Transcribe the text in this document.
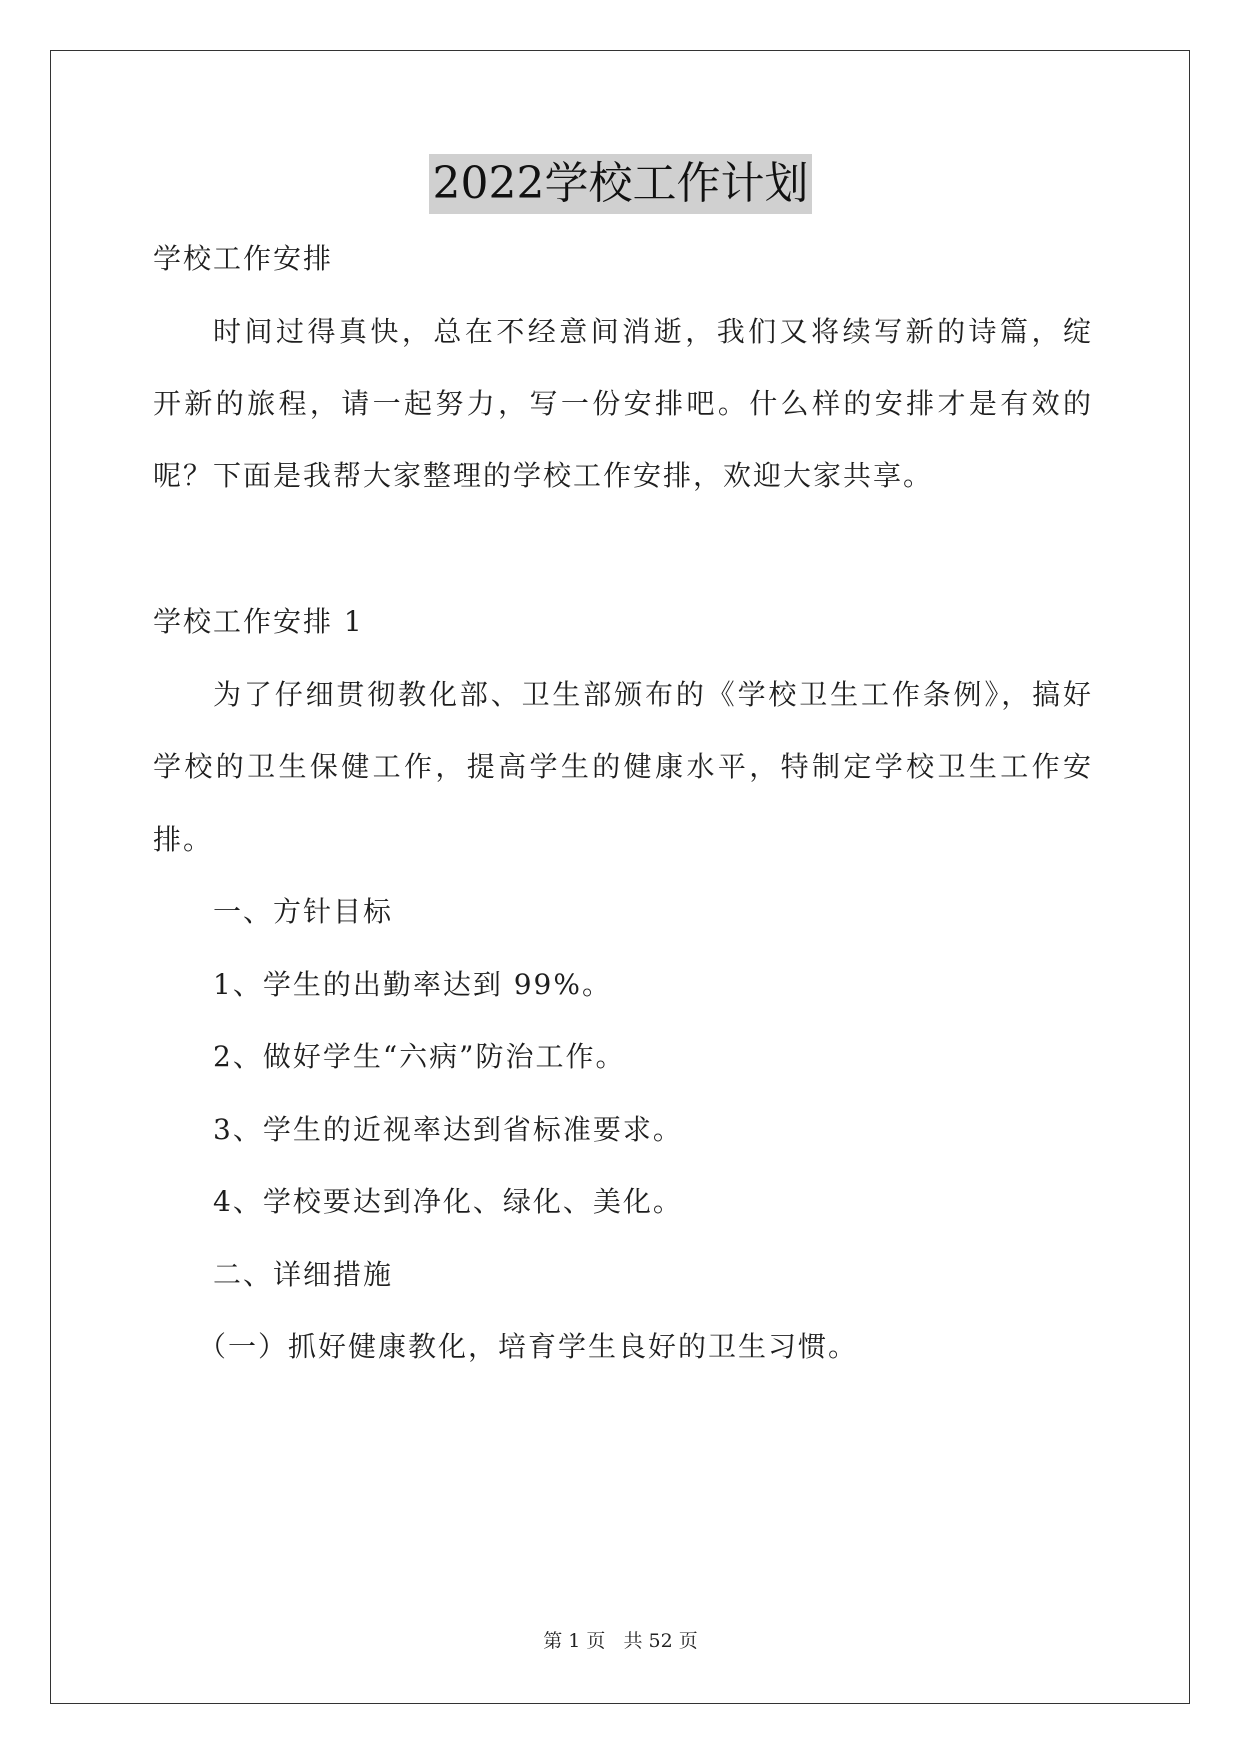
2022学校工作计划
学校工作安排
时间过得真快，总在不经意间消逝，我们又将续写新的诗篇，绽
开新的旅程，请一起努力，写一份安排吧。什么样的安排才是有效的
呢？下面是我帮大家整理的学校工作安排，欢迎大家共享。
学校工作安排 1
为了仔细贯彻教化部、卫生部颁布的《学校卫生工作条例》，搞好
学校的卫生保健工作，提高学生的健康水平，特制定学校卫生工作安
排。
一、方针目标
1、学生的出勤率达到 99%。
2、做好学生“六病”防治工作。
3、学生的近视率达到省标准要求。
4、学校要达到净化、绿化、美化。
二、详细措施
（一）抓好健康教化，培育学生良好的卫生习惯。
第 1 页 共 52 页
